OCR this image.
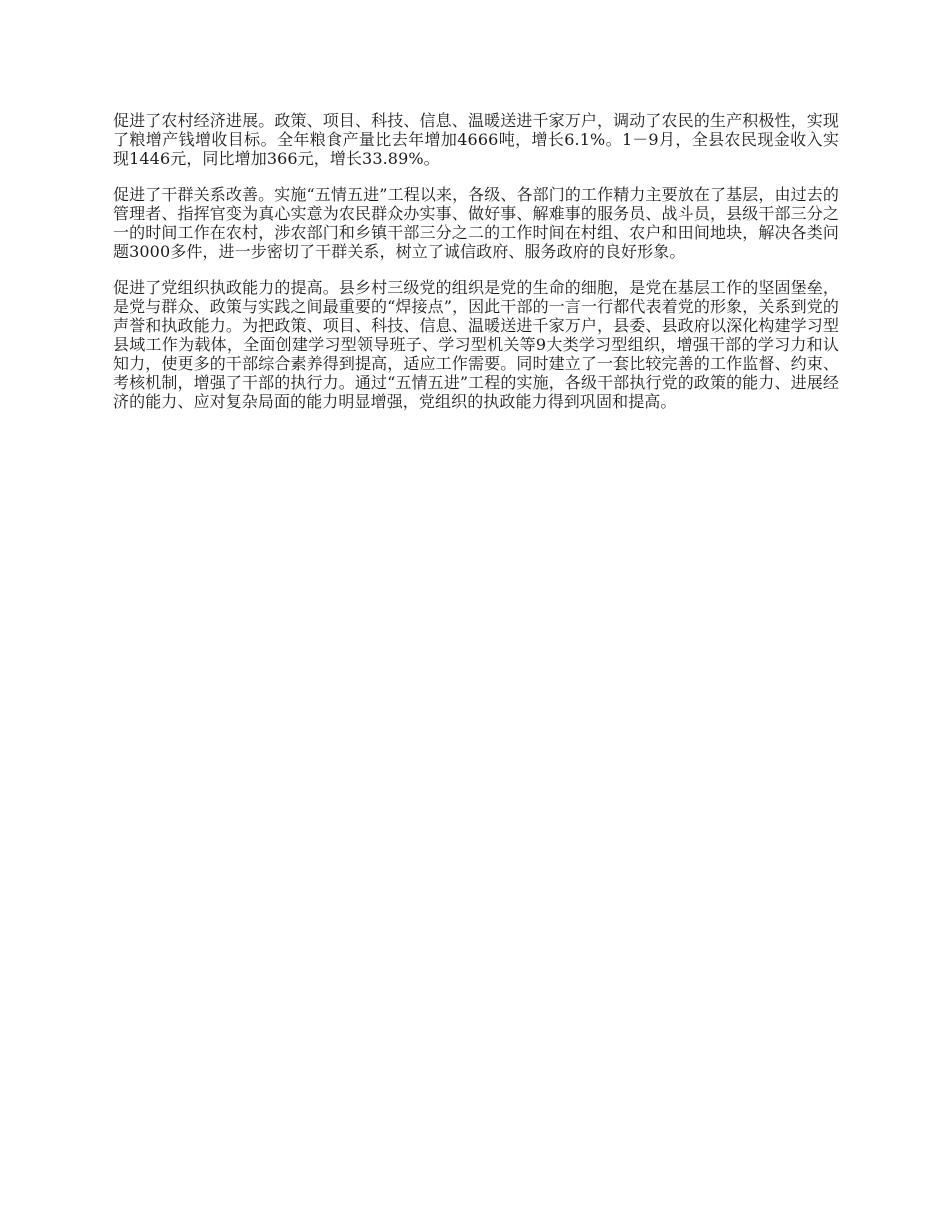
促进了农村经济进展。政策、项目、科技、信息、温暖送进千家万户，调动了农民的生产积极性，实现了粮增产钱增收目标。全年粮食产量比去年增加4666吨，增长6.1%。1－9月，全县农民现金收入实现1446元，同比增加366元，增长33.89%。

促进了干群关系改善。实施“五情五进”工程以来，各级、各部门的工作精力主要放在了基层，由过去的管理者、指挥官变为真心实意为农民群众办实事、做好事、解难事的服务员、战斗员，县级干部三分之一的时间工作在农村，涉农部门和乡镇干部三分之二的工作时间在村组、农户和田间地块，解决各类问题3000多件，进一步密切了干群关系，树立了诚信政府、服务政府的良好形象。

促进了党组织执政能力的提高。县乡村三级党的组织是党的生命的细胞，是党在基层工作的坚固堡垒，是党与群众、政策与实践之间最重要的“焊接点”，因此干部的一言一行都代表着党的形象，关系到党的声誉和执政能力。为把政策、项目、科技、信息、温暖送进千家万户，县委、县政府以深化构建学习型县域工作为载体，全面创建学习型领导班子、学习型机关等9大类学习型组织，增强干部的学习力和认知力，使更多的干部综合素养得到提高，适应工作需要。同时建立了一套比较完善的工作监督、约束、考核机制，增强了干部的执行力。通过“五情五进”工程的实施，各级干部执行党的政策的能力、进展经济的能力、应对复杂局面的能力明显增强，党组织的执政能力得到巩固和提高。
